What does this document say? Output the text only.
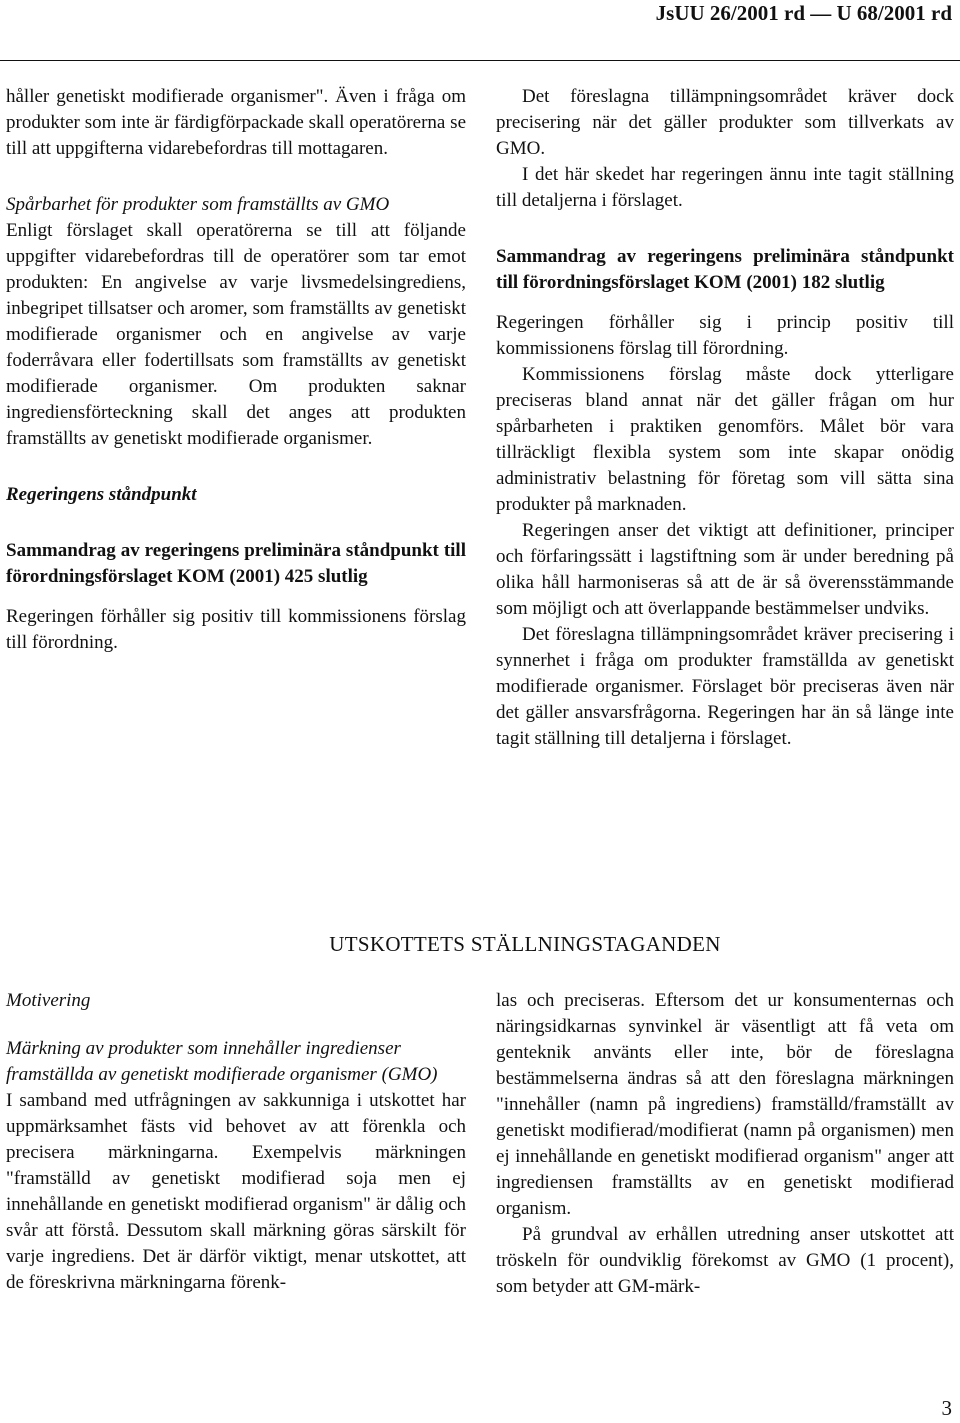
JsUU 26/2001 rd — U 68/2001 rd

håller genetiskt modifierade organismer". Även i fråga om produkter som inte är färdigförpackade skall operatörerna se till att uppgifterna vidarebefordras till mottagaren.

Spårbarhet för produkter som framställts av GMO

Enligt förslaget skall operatörerna se till att följande uppgifter vidarebefordras till de operatörer som tar emot produkten: En angivelse av varje livsmedelsingrediens, inbegripet tillsatser och aromer, som framställts av genetiskt modifierade organismer och en angivelse av varje foderråvara eller fodertillsats som framställts av genetiskt modifierade organismer. Om produkten saknar ingrediensförteckning skall det anges att produkten framställts av genetiskt modifierade organismer.

Regeringens ståndpunkt

Sammandrag av regeringens preliminära ståndpunkt till förordningsförslaget KOM (2001) 425 slutlig

Regeringen förhåller sig positiv till kommissionens förslag till förordning.

Det föreslagna tillämpningsområdet kräver dock precisering när det gäller produkter som tillverkats av GMO.

I det här skedet har regeringen ännu inte tagit ställning till detaljerna i förslaget.

Sammandrag av regeringens preliminära ståndpunkt till förordningsförslaget KOM (2001) 182 slutlig

Regeringen förhåller sig i princip positiv till kommissionens förslag till förordning.

Kommissionens förslag måste dock ytterligare preciseras bland annat när det gäller frågan om hur spårbarheten i praktiken genomförs. Målet bör vara tillräckligt flexibla system som inte skapar onödig administrativ belastning för företag som vill sätta sina produkter på marknaden.

Regeringen anser det viktigt att definitioner, principer och förfaringssätt i lagstiftning som är under beredning på olika håll harmoniseras så att de är så överensstämmande som möjligt och att överlappande bestämmelser undviks.

Det föreslagna tillämpningsområdet kräver precisering i synnerhet i fråga om produkter framställda av genetiskt modifierade organismer. Förslaget bör preciseras även när det gäller ansvarsfrågorna. Regeringen har än så länge inte tagit ställning till detaljerna i förslaget.

UTSKOTTETS STÄLLNINGSTAGANDEN

Motivering

Märkning av produkter som innehåller ingredienser framställda av genetiskt modifierade organismer (GMO)

I samband med utfrågningen av sakkunniga i utskottet har uppmärksamhet fästs vid behovet av att förenkla och precisera märkningarna. Exempelvis märkningen "framställd av genetiskt modifierad soja men ej innehållande en genetiskt modifierad organism" är dålig och svår att förstå. Dessutom skall märkning göras särskilt för varje ingrediens. Det är därför viktigt, menar utskottet, att de föreskrivna märkningarna förenk-

las och preciseras. Eftersom det ur konsumenternas och näringsidkarnas synvinkel är väsentligt att få veta om genteknik använts eller inte, bör de föreslagna bestämmelserna ändras så att den föreslagna märkningen "innehåller (namn på ingrediens) framställd/framställt av genetiskt modifierad/modifierat (namn på organismen) men ej innehållande en genetiskt modifierad organism" anger att ingrediensen framställts av en genetiskt modifierad organism.

På grundval av erhållen utredning anser utskottet att tröskeln för oundviklig förekomst av GMO (1 procent), som betyder att GM-märk-

3
